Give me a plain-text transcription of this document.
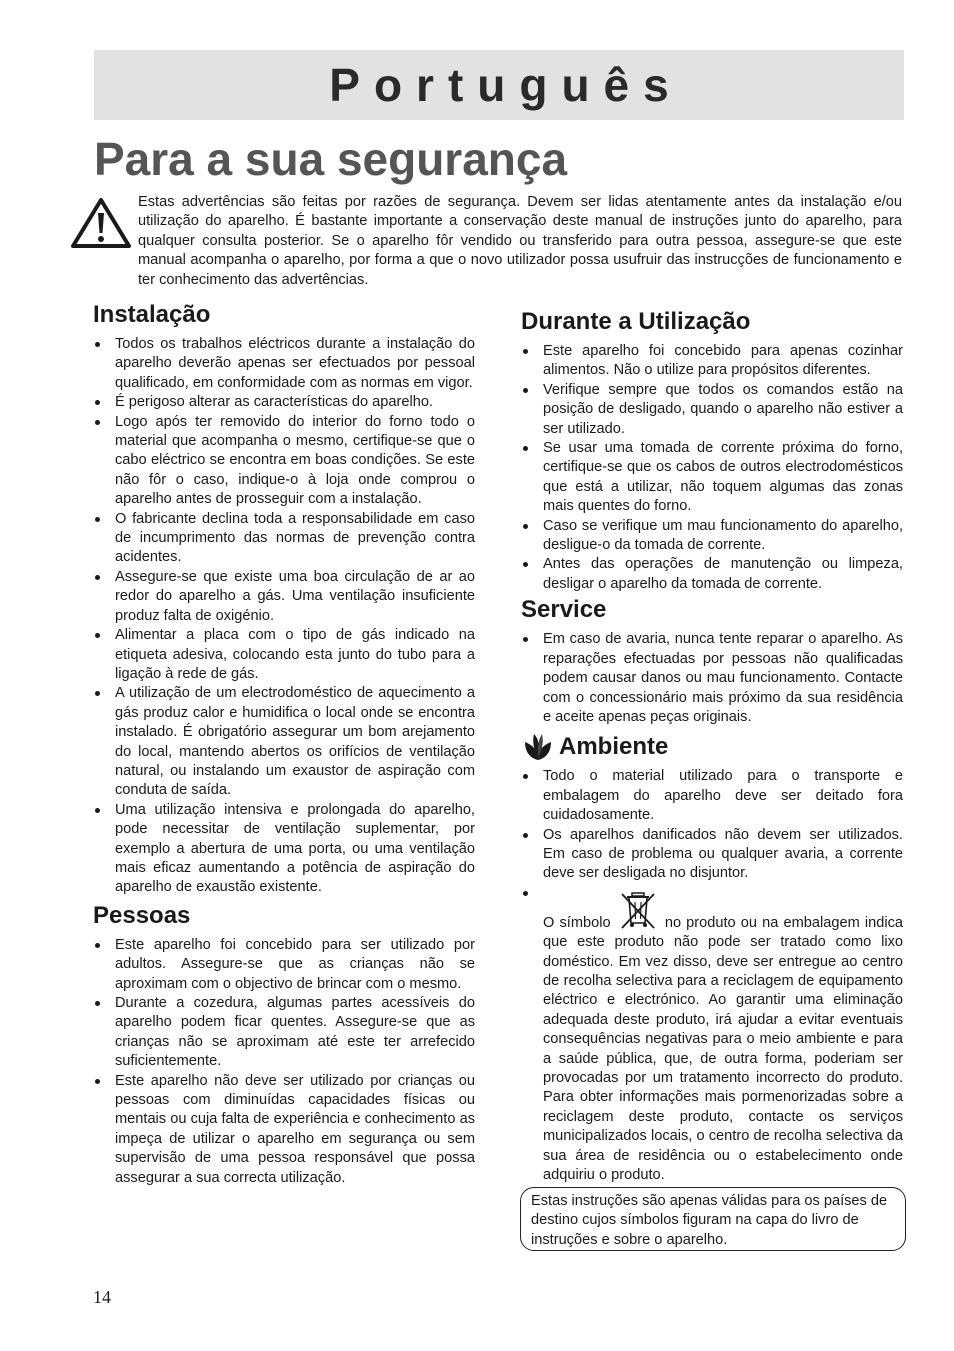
Português
Para a sua segurança

Estas advertências são feitas por razões de segurança. Devem ser lidas atentamente antes da instalação e/ou utilização do aparelho. É bastante importante a conservação deste manual de instruções junto do aparelho, para qualquer consulta posterior. Se o aparelho fôr vendido ou transferido para outra pessoa, assegure-se que este manual acompanha o aparelho, por forma a que o novo utilizador possa usufruir das instrucções de funcionamento e ter conhecimento das advertências.

Instalação
Todos os trabalhos eléctricos durante a instalação do aparelho deverão apenas ser efectuados por pessoal qualificado, em conformidade com as normas em vigor.
É perigoso alterar as características do aparelho.
Logo após ter removido do interior do forno todo o material que acompanha o mesmo, certifique-se que o cabo eléctrico se encontra em boas condições. Se este não fôr o caso, indique-o à loja onde comprou o aparelho antes de prosseguir com a instalação.
O fabricante declina toda a responsabilidade em caso de incumprimento das normas de prevenção contra acidentes.
Assegure-se que existe uma boa circulação de ar ao redor do aparelho a gás. Uma ventilação insuficiente produz falta de oxigénio.
Alimentar a placa com o tipo de gás indicado na etiqueta adesiva, colocando esta junto do tubo para a ligação à rede de gás.
A utilização de um electrodoméstico de aquecimento a gás produz calor e humidifica o local onde se encontra instalado. É obrigatório assegurar um bom arejamento do local, mantendo abertos os orifícios de ventilação natural, ou instalando um exaustor de aspiração com conduta de saída.
Uma utilização intensiva e prolongada do aparelho, pode necessitar de ventilação suplementar, por exemplo a abertura de uma porta, ou uma ventilação mais eficaz aumentando a potência de aspiração do aparelho de exaustão existente.
Pessoas
Este aparelho foi concebido para ser utilizado por adultos. Assegure-se que as crianças não se aproximam com o objectivo de brincar com o mesmo.
Durante a cozedura, algumas partes acessíveis do aparelho podem ficar quentes. Assegure-se que as crianças não se aproximam até este ter arrefecido suficientemente.
Este aparelho não deve ser utilizado por crianças ou pessoas com diminuídas capacidades físicas ou mentais ou cuja falta de experiência e conhecimento as impeça de utilizar o aparelho em segurança ou sem supervisão de uma pessoa responsável que possa assegurar a sua correcta utilização.
Durante a Utilização
Este aparelho foi concebido para apenas cozinhar alimentos. Não o utilize para propósitos diferentes.
Verifique sempre que todos os comandos estão na posição de desligado, quando o aparelho não estiver a ser utilizado.
Se usar uma tomada de corrente próxima do forno, certifique-se que os cabos de outros electrodomésticos que está a utilizar, não toquem algumas das zonas mais quentes do forno.
Caso se verifique um mau funcionamento do aparelho, desligue-o da tomada de corrente.
Antes das operações de manutenção ou limpeza, desligar o aparelho da tomada de corrente.
Service
Em caso de avaria, nunca tente reparar o aparelho. As reparações efectuadas por pessoas não qualificadas podem causar danos ou mau funcionamento. Contacte com o concessionário mais próximo da sua residência e aceite apenas peças originais.
Ambiente
Todo o material utilizado para o transporte e embalagem do aparelho deve ser deitado fora cuidadosamente.
Os aparelhos danificados não devem ser utilizados. Em caso de problema ou qualquer avaria, a corrente deve ser desligada no disjuntor.
O símbolo	no produto ou na embalagem indica que este produto não pode ser tratado como lixo doméstico. Em vez disso, deve ser entregue ao centro de recolha selectiva para a reciclagem de equipamento eléctrico e electrónico. Ao garantir uma eliminação adequada deste produto, irá ajudar a evitar eventuais consequências negativas para o meio ambiente e para a saúde pública, que, de outra forma, poderiam ser provocadas por um tratamento incorrecto do produto. Para obter informações mais pormenorizadas sobre a reciclagem deste produto, contacte os serviços municipalizados locais, o centro de recolha selectiva da sua área de residência ou o estabelecimento onde adquiriu o produto.
Estas instruções são apenas válidas para os países de destino cujos símbolos figuram na capa do livro de instruções e sobre o aparelho.
14
